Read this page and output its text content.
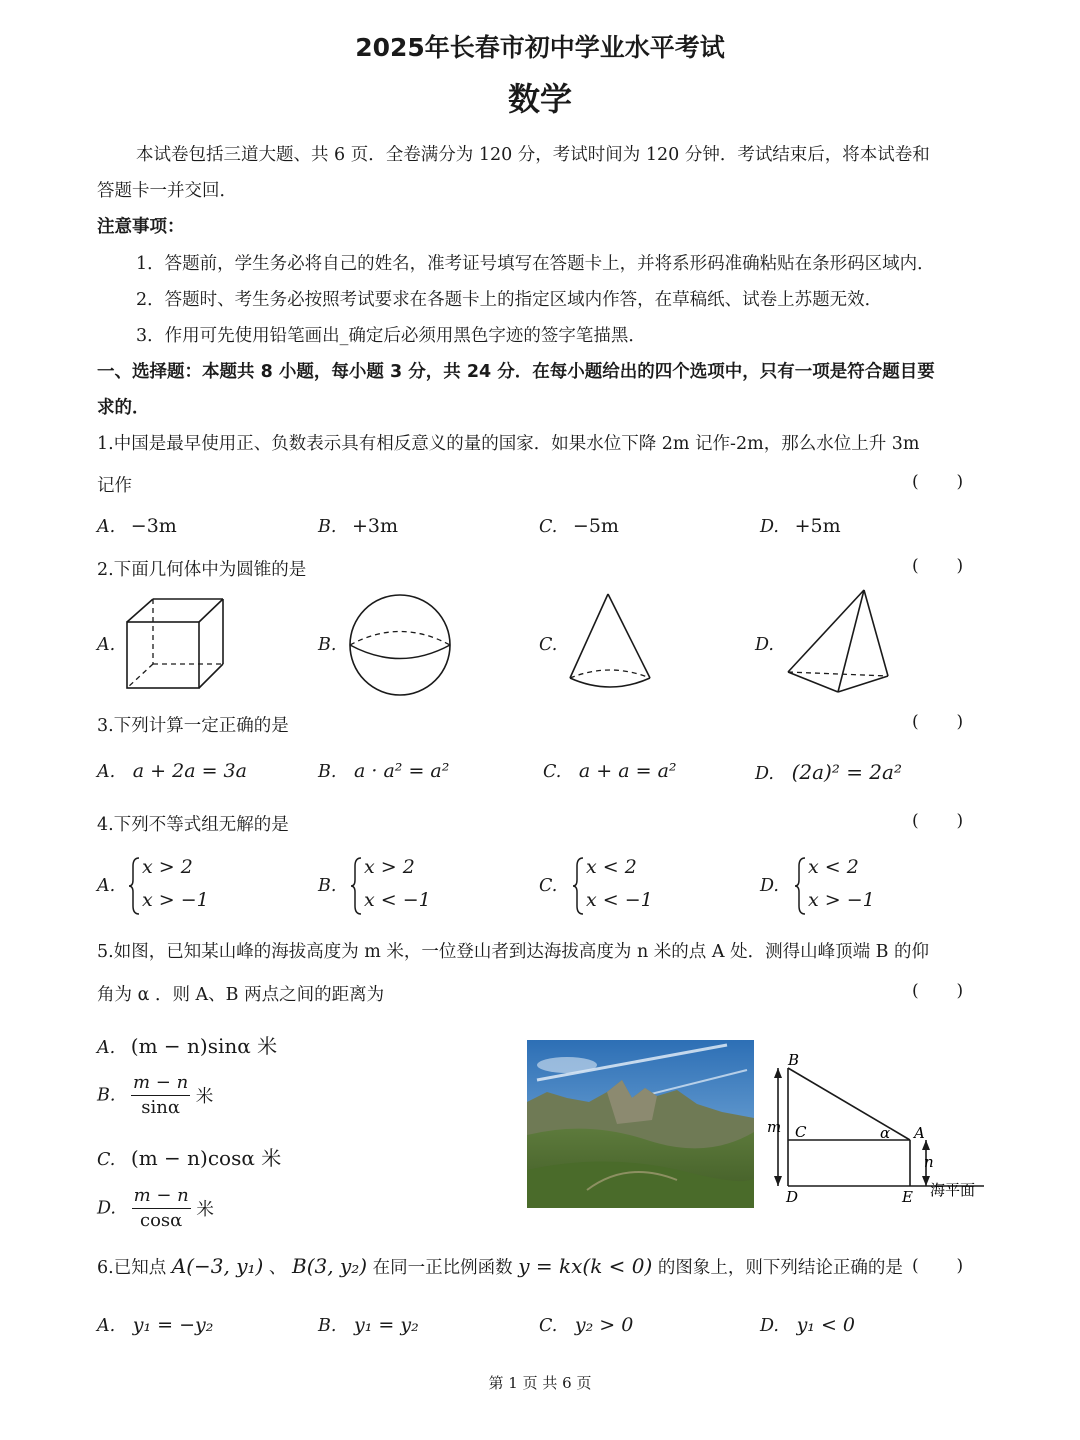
2025年长春市初中学业水平考试
数学
本试卷包括三道大题、共 6 页．全卷满分为 120 分，考试时间为 120 分钟．考试结束后，将本试卷和
答题卡一并交回．
注意事项：
1．答题前，学生务必将自己的姓名，准考证号填写在答题卡上，并将系形码准确粘贴在条形码区域内．
2．答题时、考生务必按照考试要求在各题卡上的指定区域内作答，在草稿纸、试卷上苏题无效．
3．作用可先使用铅笔画出_确定后必须用黑色字迹的签字笔描黑．
一、选择题：本题共 8 小题，每小题 3 分，共 24 分．在每小题给出的四个选项中，只有一项是符合题目要
求的．
1.中国是最早使用正、负数表示具有相反意义的量的国家．如果水位下降 2m 记作-2m，那么水位上升 3m
记作	(       )
A. −3m	B. +3m	C. −5m	D. +5m
2.下面几何体中为圆锥的是	(       )
A.	B.	C.	D.
3.下列计算一定正确的是	(       )
A. a + 2a = 3a	B. a · a² = a²	C. a + a = a²	D. (2a)² = 2a²
4.下列不等式组无解的是	(       )
A.
x > 2
x > −1
B.
x > 2
x < −1
C.
x < 2
x < −1
D.
x < 2
x > −1
5.如图，已知某山峰的海拔高度为 m 米，一位登山者到达海拔高度为 n 米的点 A 处．测得山峰顶端 B 的仰
角为 α ．则 A、B 两点之间的距离为	(       )
A. (m − n)sinα 米
B. $\frac{m - n}{\sin\alpha}$ 米
C. (m − n)cosα 米
D. $\frac{m - n}{\cos\alpha}$ 米
B
C	A
α
D	E
m
n
海平面
6.已知点 A(−3, y₁) 、 B(3, y₂) 在同一正比例函数 y = kx(k < 0) 的图象上，则下列结论正确的是 (       )
A. y₁ = −y₂	B. y₁ = y₂	C. y₂ > 0	D. y₁ < 0
第 1 页 共 6 页
